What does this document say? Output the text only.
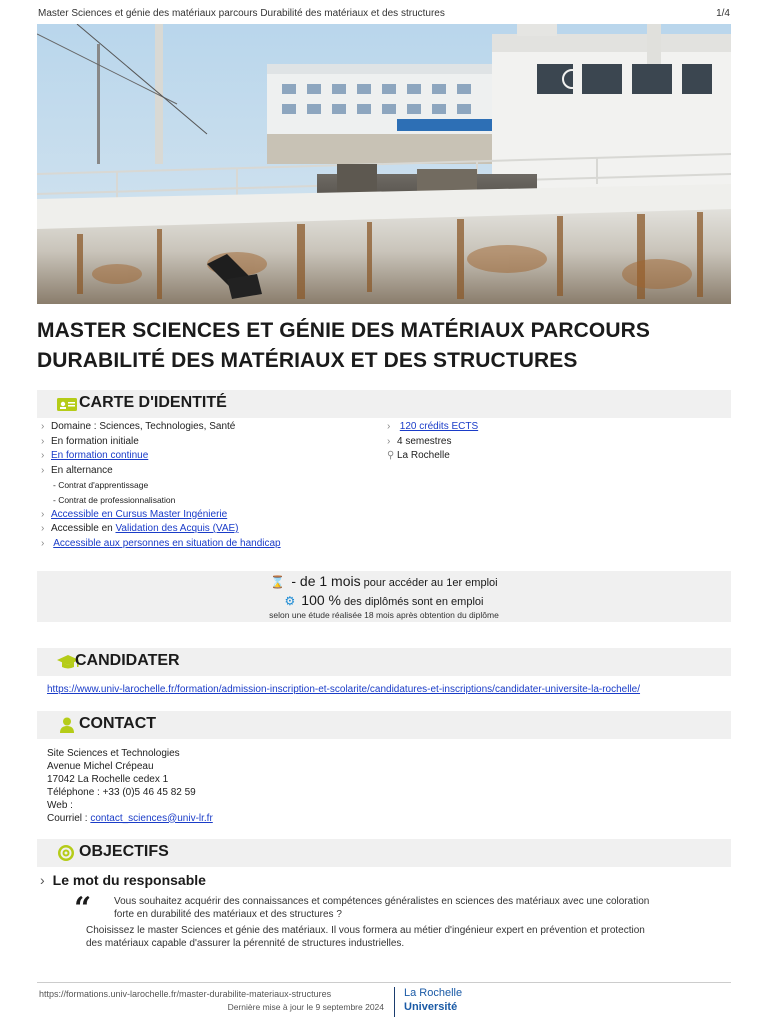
Master Sciences et génie des matériaux parcours Durabilité des matériaux et des structures	1/4
MASTER SCIENCES ET GÉNIE DES MATÉRIAUX PARCOURS
DURABILITÉ DES MATÉRIAUX ET DES STRUCTURES
CARTE D'IDENTITÉ
› Domaine : Sciences, Technologies, Santé
› En formation initiale
› En formation continue
› En alternance
- Contrat d'apprentissage
- Contrat de professionnalisation
› Accessible en Cursus Master Ingénierie
› Accessible en Validation des Acquis (VAE)
› Accessible aux personnes en situation de handicap
› 120 crédits ECTS
› 4 semestres
⚲ La Rochelle
⌛ - de 1 mois pour accéder au 1er emploi
⚙ 100 % des diplômés sont en emploi
selon une étude réalisée 18 mois après obtention du diplôme
CANDIDATER
https://www.univ-larochelle.fr/formation/admission-inscription-et-scolarite/candidatures-et-inscriptions/candidater-universite-la-rochelle/
CONTACT
Site Sciences et Technologies
Avenue Michel Crépeau
17042 La Rochelle cedex 1
Téléphone : +33 (0)5 46 45 82 59
Web :
Courriel : contact_sciences@univ-lr.fr
OBJECTIFS
› Le mot du responsable
“ Vous souhaitez acquérir des connaissances et compétences généralistes en sciences des matériaux avec une coloration
forte en durabilité des matériaux et des structures ?
Choisissez le master Sciences et génie des matériaux. Il vous formera au métier d'ingénieur expert en prévention et protection
des matériaux capable d'assurer la pérennité de structures industrielles.
https://formations.univ-larochelle.fr/master-durabilite-materiaux-structures
Dernière mise à jour le 9 septembre 2024
La Rochelle
Université
